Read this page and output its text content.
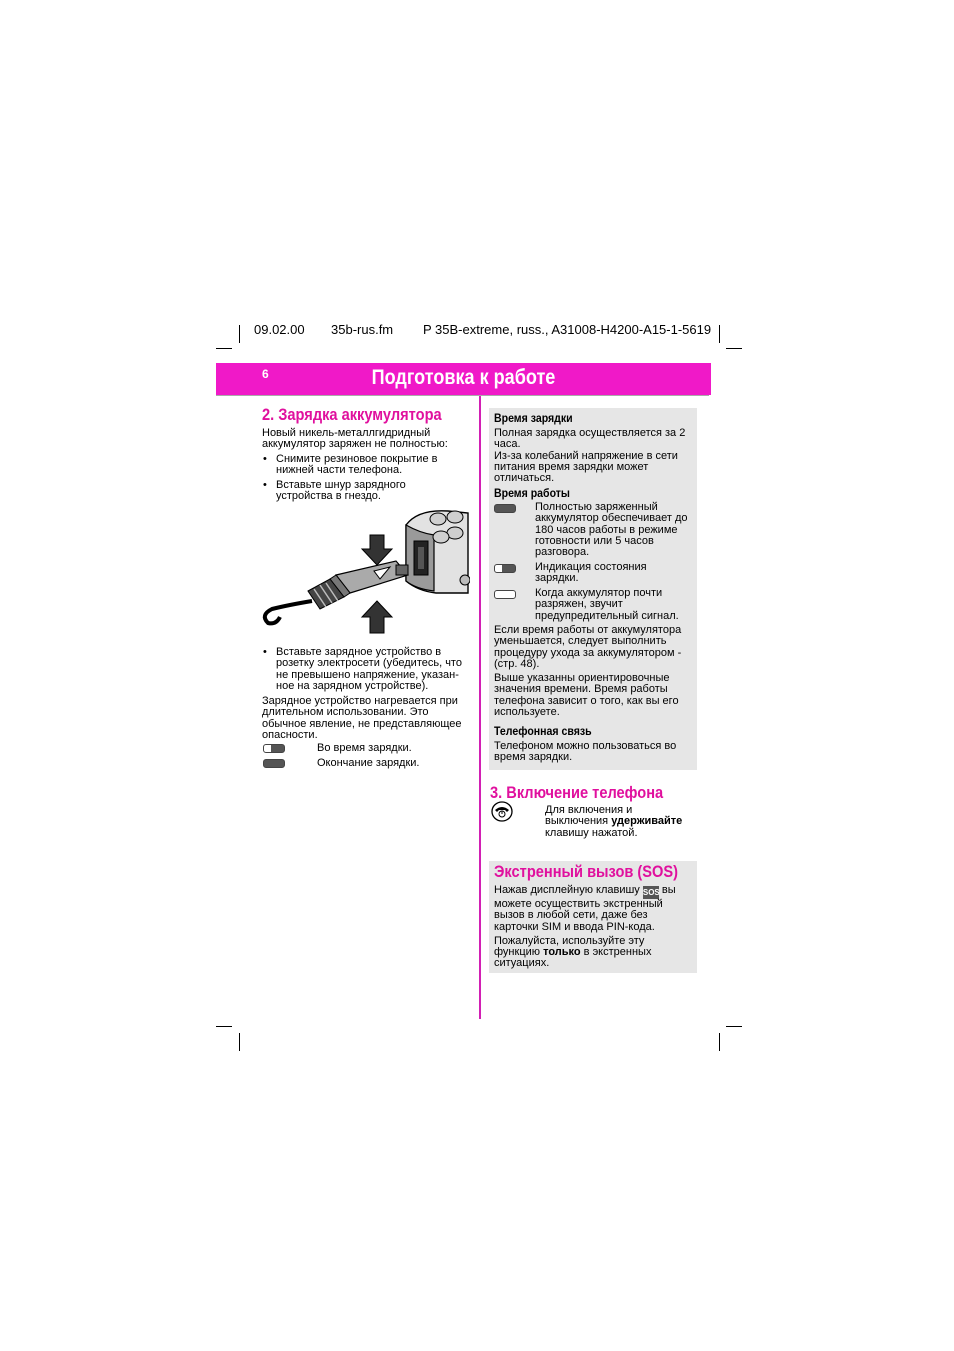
09.02.00 35b-rus.fm P 35B-extreme, russ., A31008-H4200-A15-1-5619
6	Подготовка к работе
2. Зарядка аккумулятора
Новый никель-металлгидридный
аккумулятор заряжен не полностью:
• Снимите резиновое покрытие в
нижней части телефона.
• Вставьте шнур зарядного
устройства в гнездо.
• Вставьте зарядное устройство в
розетку электросети (убедитесь, что
не превышено напряжение, указан-
ное на зарядном устройстве).
Зарядное устройство нагревается при
длительном использовании. Это
обычное явление, не представляющее
опасности.
Во время зарядки.
Окончание зарядки.
Время зарядки
Полная зарядка осуществляется за 2
часа.
Из-за колебаний напряжение в сети
питания время зарядки может
отличаться.
Время работы
Полностью заряженный
аккумулятор обеспечивает до
180 часов работы в режиме
готовности или 5 часов
разговора.
Индикация состояния
зарядки.
Когда аккумулятор почти
разряжен, звучит
предупредительный сигнал.
Если время работы от аккумулятора
уменьшается, следует выполнить
процедуру ухода за аккумулятором -
(стр. 48).
Выше указанны ориентировочные
значения времени. Время работы
телефона зависит о того, как вы его
используете.
Телефонная связь
Телефоном можно пользоваться во
время зарядки.
3. Включение телефона
Для включения и
выключения удерживайте
клавишу нажатой.
Экстренный вызов (SOS)
Нажав дисплейную клавишу SOS вы
можете осуществить экстренный
вызов в любой сети, даже без
карточки SIM и ввода PIN-кода.
Пожалуйста, используйте эту
функцию только в экстренных
ситуациях.
